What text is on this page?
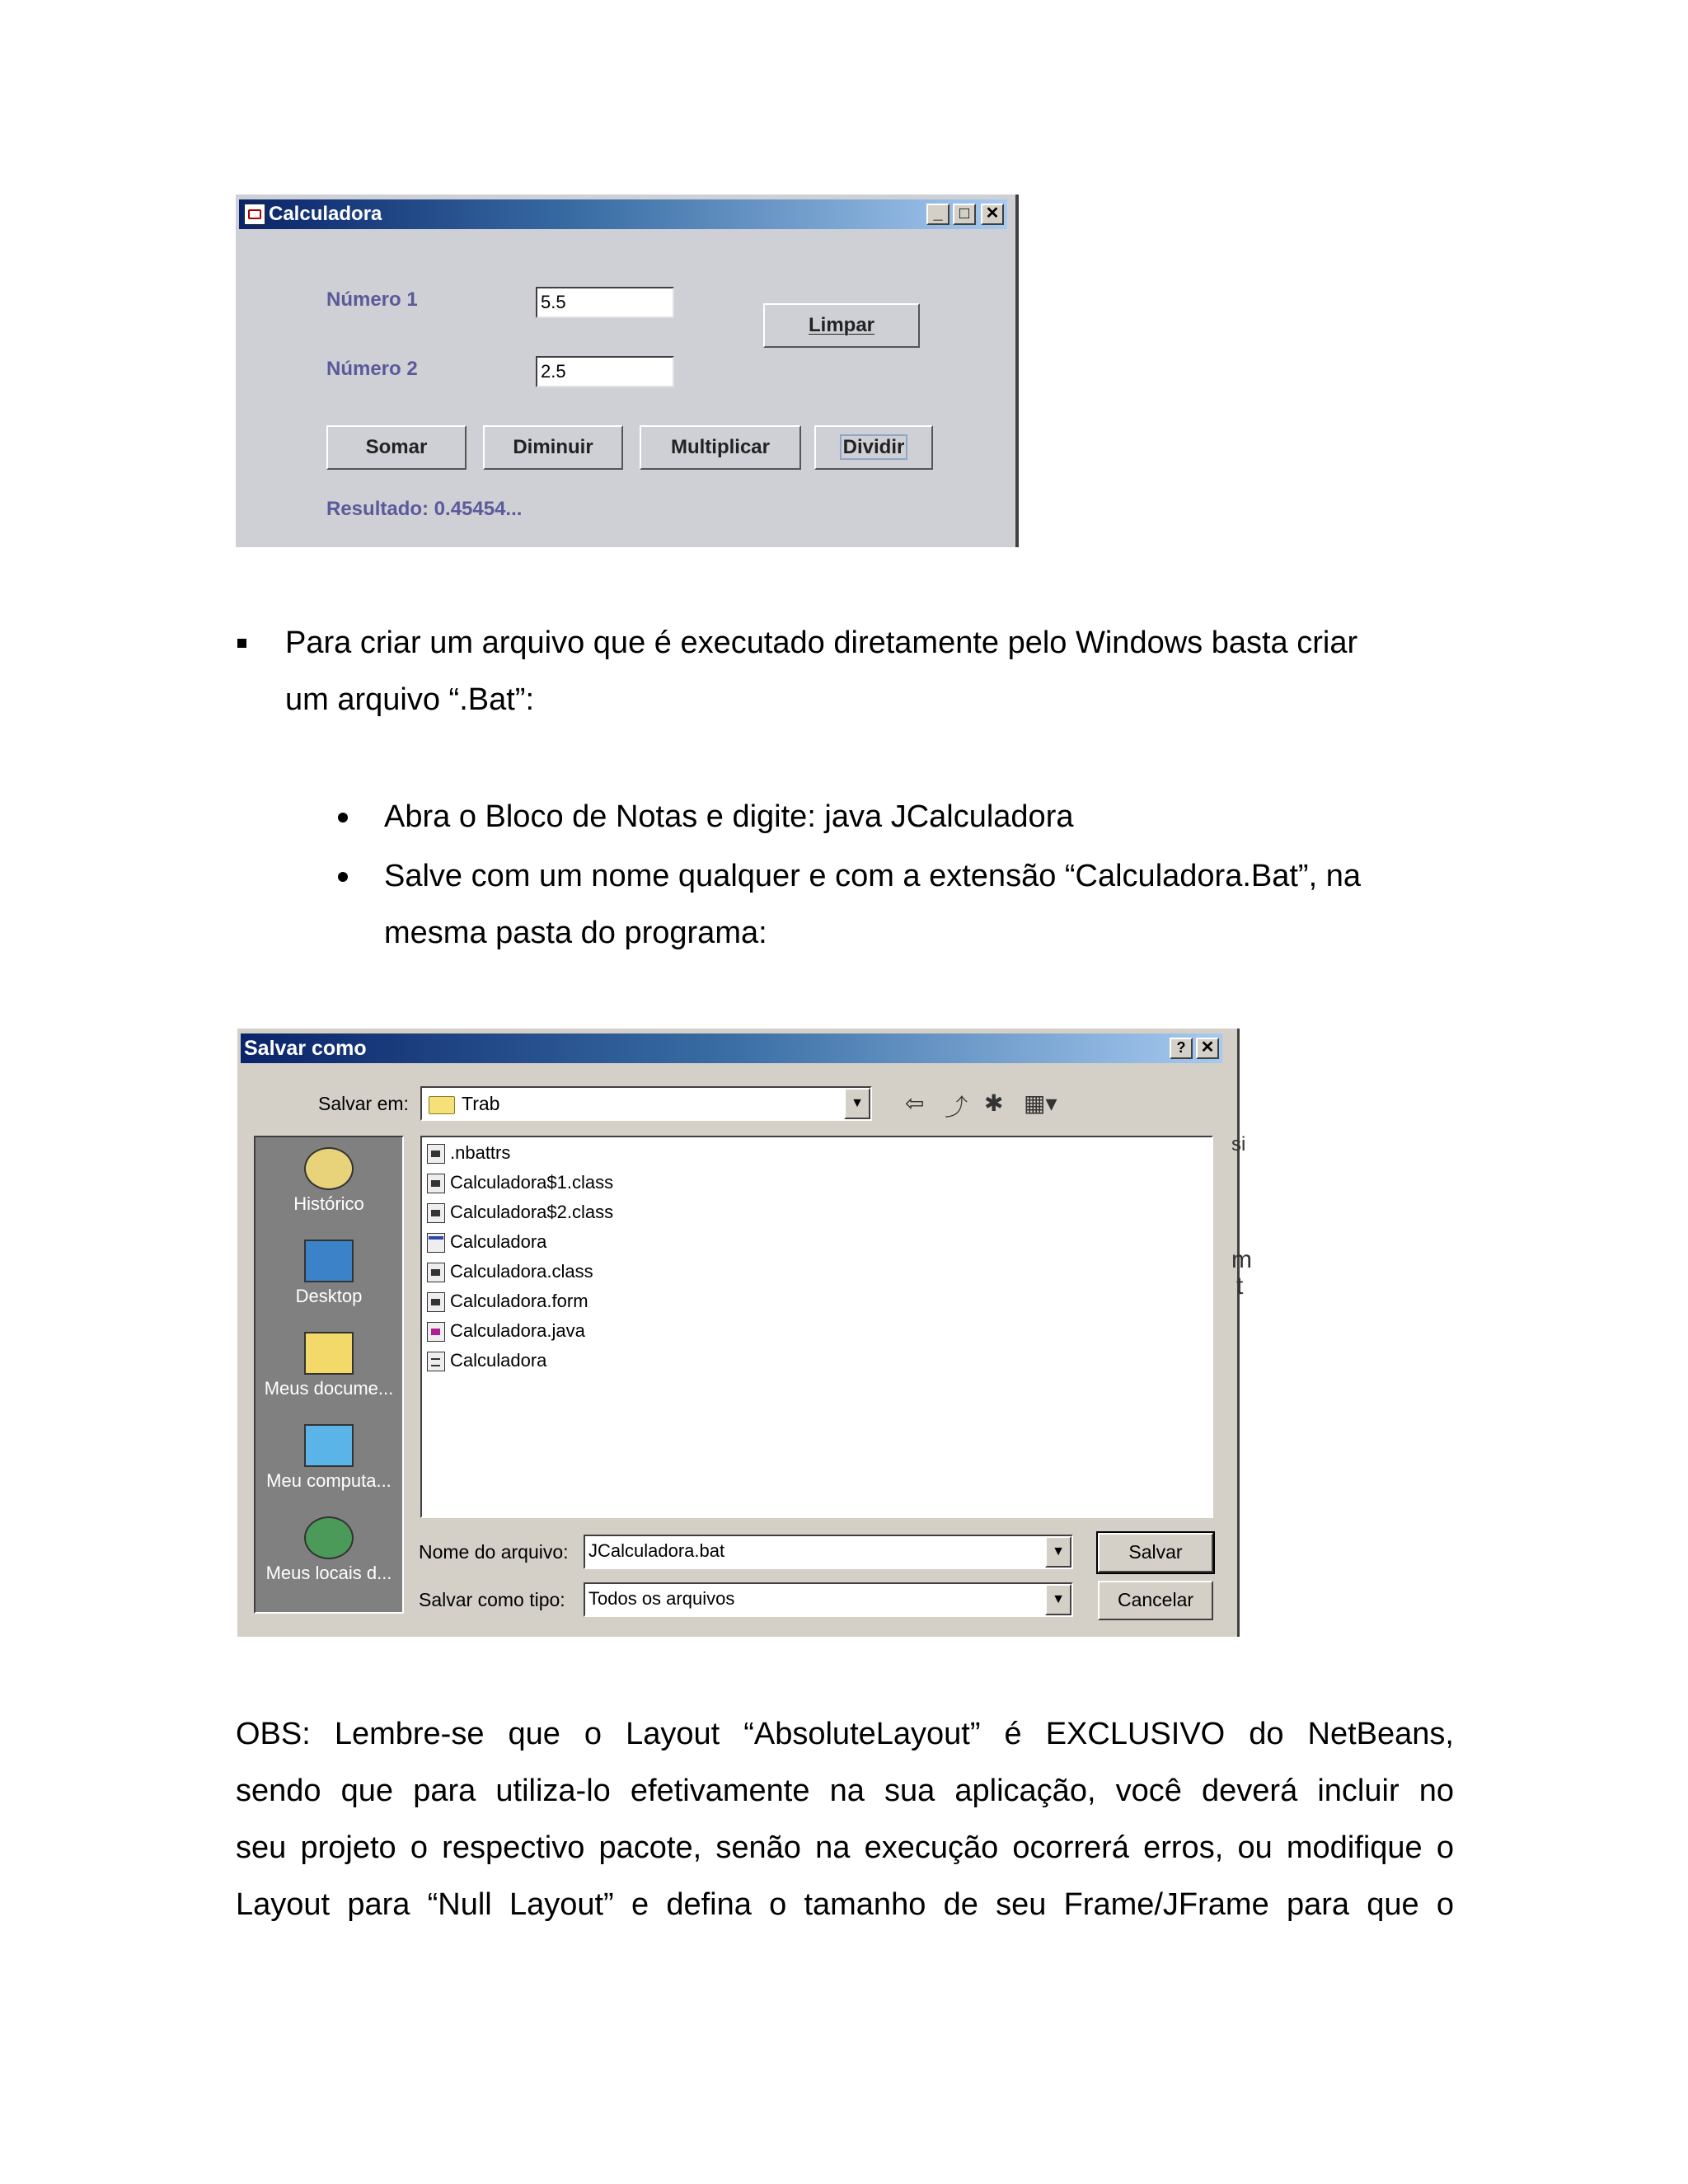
Calculadora	_	□ ✕
Número 1	5.5
Número 2	2.5
Limpar
Somar	Diminuir	Multiplicar	Dividir
Resultado: 0.45454...
Para criar um arquivo que é executado diretamente pelo Windows basta criar
um arquivo “.Bat”:
Abra o Bloco de Notas e digite: java JCalculadora
Salve com um nome qualquer e com a extensão “Calculadora.Bat”, na
mesma pasta do programa:
Salvar como	? ✕
Salvar em:	Trab	▼ ⇦ ⤴ ✱ ▦▾
Histórico
Desktop
Meus docume...
Meu computa...
Meus locais d...
.nbattrs
Calculadora$1.class
Calculadora$2.class
Calculadora
Calculadora.class
Calculadora.form
Calculadora.java
Calculadora
Nome do arquivo: JCalculadora.bat	▼
Salvar como tipo: Todos os arquivos	▼
Salvar
Cancelar
si
m
t
OBS: Lembre-se que o Layout “AbsoluteLayout” é EXCLUSIVO do NetBeans,
sendo que para utiliza-lo efetivamente na sua aplicação, você deverá incluir no
seu projeto o respectivo pacote, senão na execução ocorrerá erros, ou modifique o
Layout para “Null Layout” e defina o tamanho de seu Frame/JFrame para que o
